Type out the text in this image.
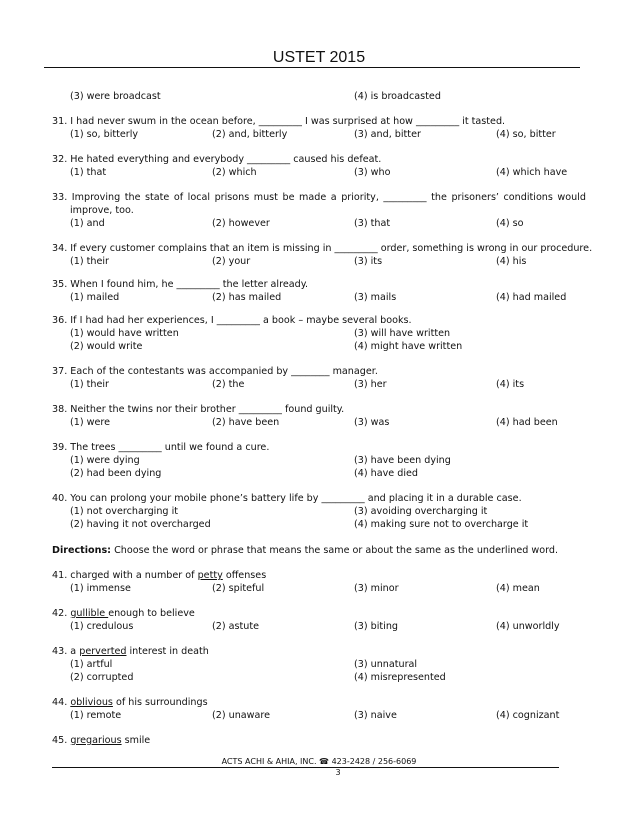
USTET 2015
(3) were broadcast	(4) is broadcasted
31. I had never swum in the ocean before, _________ I was surprised at how _________ it tasted.
(1) so, bitterly	(2) and, bitterly	(3) and, bitter	(4) so, bitter
32. He hated everything and everybody _________ caused his defeat.
(1) that	(2) which	(3) who	(4) which have
33. Improving the state of local prisons must be made a priority, _________ the prisoners’ conditions would
improve, too.
(1) and	(2) however	(3) that	(4) so
34. If every customer complains that an item is missing in _________ order, something is wrong in our procedure.
(1) their	(2) your	(3) its	(4) his
35. When I found him, he _________ the letter already.
(1) mailed	(2) has mailed	(3) mails	(4) had mailed
36. If I had had her experiences, I _________ a book – maybe several books.
(1) would have written	(3) will have written
(2) would write	(4) might have written
37. Each of the contestants was accompanied by ________ manager.
(1) their	(2) the	(3) her	(4) its
38. Neither the twins nor their brother _________ found guilty.
(1) were	(2) have been	(3) was	(4) had been
39. The trees _________ until we found a cure.
(1) were dying	(3) have been dying
(2) had been dying	(4) have died
40. You can prolong your mobile phone’s battery life by _________ and placing it in a durable case.
(1) not overcharging it	(3) avoiding overcharging it
(2) having it not overcharged	(4) making sure not to overcharge it
Directions: Choose the word or phrase that means the same or about the same as the underlined word.
41. charged with a number of petty offenses
(1) immense	(2) spiteful	(3) minor	(4) mean
42. gullible enough to believe
(1) credulous	(2) astute	(3) biting	(4) unworldly
43. a perverted interest in death
(1) artful	(3) unnatural
(2) corrupted	(4) misrepresented
44. oblivious of his surroundings
(1) remote	(2) unaware	(3) naive	(4) cognizant
45. gregarious smile
ACTS ACHI & AHIA, INC. ☎ 423-2428 / 256-6069
3
